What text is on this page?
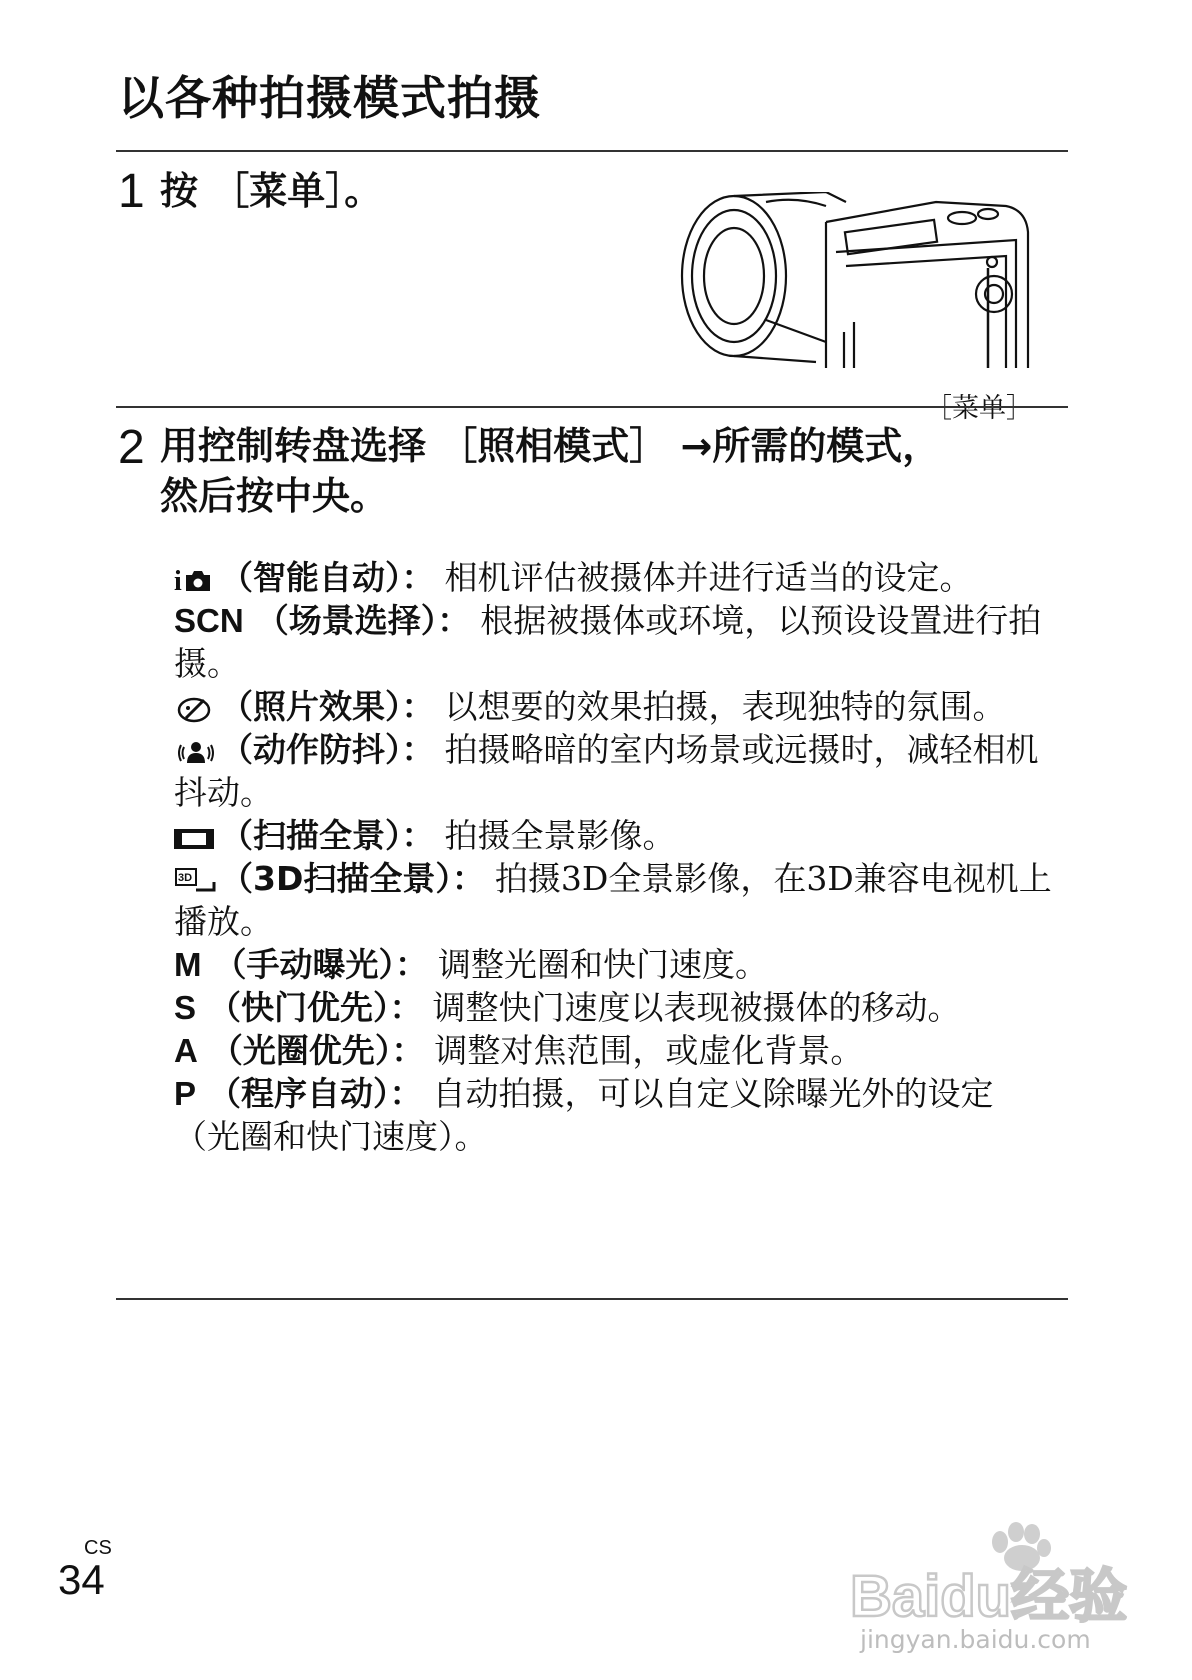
以各种拍摄模式拍摄
1 按 ［菜单］。
［菜单］
2 用控制转盘选择 ［照相模式］ →所需的模式，
然后按中央。
i （智能自动）： 相机评估被摄体并进行适当的设定。
SCN （场景选择）： 根据被摄体或环境，以预设设置进行拍摄。
（照片效果）： 以想要的效果拍摄，表现独特的氛围。
（动作防抖）： 拍摄略暗的室内场景或远摄时，减轻相机抖动。
（扫描全景）： 拍摄全景影像。
3D （3D扫描全景）： 拍摄3D全景影像，在3D兼容电视机上播放。
M （手动曝光）： 调整光圈和快门速度。
S （快门优先）： 调整快门速度以表现被摄体的移动。
A （光圈优先）： 调整对焦范围，或虚化背景。
P （程序自动）： 自动拍摄，可以自定义除曝光外的设定 （光圈和快门速度）。
CS
34	Baidu经验
jingyan.baidu.com
